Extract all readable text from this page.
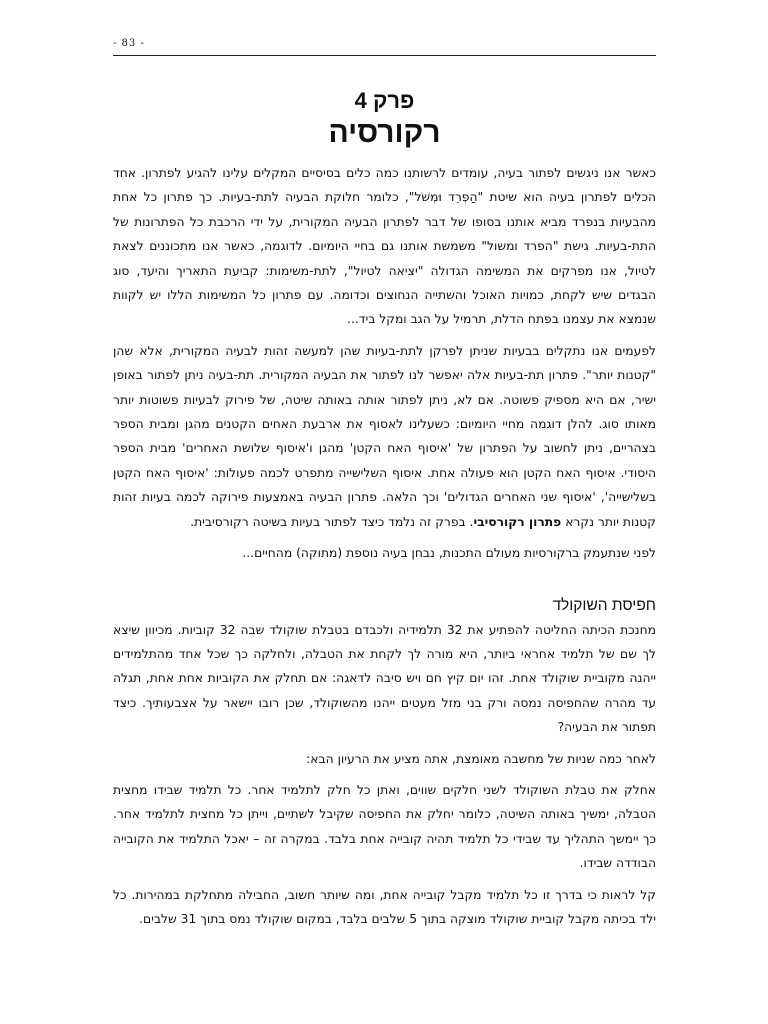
- 83 -
פרק 4
רקורסיה

כאשר אנו ניגשים לפתור בעיה, עומדים לרשותנו כמה כלים בסיסיים המקלים עלינו להגיע לפתרון. אחד הכלים לפתרון בעיה הוא שיטת "הַפְרֵד וּמְשֹׁל", כלומר חלוקת הבעיה לתת-בעיות. כך פתרון כל אחת מהבעיות בנפרד מביא אותנו בסופו של דבר לפתרון הבעיה המקורית, על ידי הרכבת כל הפתרונות של התת-בעיות. גישת "הפרד ומשול" משמשת אותנו גם בחיי היומיום. לדוגמה, כאשר אנו מתכוננים לצאת לטיול, אנו מפרקים את המשימה הגדולה "יציאה לטיול", לתת-משימות: קביעת התאריך והיעד, סוג הבגדים שיש לקחת, כמויות האוכל והשתייה הנחוצים וכדומה. עם פתרון כל המשימות הללו יש לקוות שנמצא את עצמנו בפתח הדלת, תרמיל על הגב ומקל ביד...

לפעמים אנו נתקלים בבעיות שניתן לפרקן לתת-בעיות שהן למעשה זהות לבעיה המקורית, אלא שהן "קטנות יותר". פתרון תת-בעיות אלה יאפשר לנו לפתור את הבעיה המקורית. תת-בעיה ניתן לפתור באופן ישיר, אם היא מספיק פשוטה. אם לא, ניתן לפתור אותה באותה שיטה, של פירוק לבעיות פשוטות יותר מאותו סוג. להלן דוגמה מחיי היומיום: כשעלינו לאסוף את ארבעת האחים הקטנים מהגן ומבית הספר בצהריים, ניתן לחשוב על הפתרון של 'איסוף האח הקטן' מהגן ו'איסוף שלושת האחרים' מבית הספר היסודי. איסוף האח הקטן הוא פעולה אחת. איסוף השלישייה מתפרט לכמה פעולות: 'איסוף האח הקטן בשלישייה', 'איסוף שני האחרים הגדולים' וכך הלאה. פתרון הבעיה באמצעות פירוקה לכמה בעיות זהות קטנות יותר נקרא פתרון רקורסיבי. בפרק זה נלמד כיצד לפתור בעיות בשיטה רקורסיבית.

לפני שנתעמק ברקורסיות מעולם התכנות, נבחן בעיה נוספת (מתוקה) מהחיים...

חפיסת השוקולד

מחנכת הכיתה החליטה להפתיע את 32 תלמידיה ולכבדם בטבלת שוקולד שבה 32 קוביות. מכיוון שיצא לך שם של תלמיד אחראי ביותר, היא מורה לך לקחת את הטבלה, ולחלקה כך שכל אחד מהתלמידים ייהנה מקוביית שוקולד אחת. זהו יום קיץ חם ויש סיבה לדאגה: אם תחלק את הקוביות אחת אחת, תגלה עד מהרה שהחפיסה נמסה ורק בני מזל מעטים ייהנו מהשוקולד, שכן רובו יישאר על אצבעותיך. כיצד תפתור את הבעיה?

לאחר כמה שניות של מחשבה מאומצת, אתה מציע את הרעיון הבא:

אחלק את טבלת השוקולד לשני חלקים שווים, ואתן כל חלק לתלמיד אחר. כל תלמיד שבידו מחצית הטבלה, ימשיך באותה השיטה, כלומר יחלק את החפיסה שקיבל לשתיים, וייתן כל מחצית לתלמיד אחר. כך יימשך התהליך עד שבידי כל תלמיד תהיה קובייה אחת בלבד. במקרה זה – יאכל התלמיד את הקובייה הבודדה שבידו.

קל לראות כי בדרך זו כל תלמיד מקבל קובייה אחת, ומה שיותר חשוב, החבילה מתחלקת במהירות. כל ילד בכיתה מקבל קוביית שוקולד מוצקה בתוך 5 שלבים בלבד, במקום שוקולד נמס בתוך 31 שלבים.
